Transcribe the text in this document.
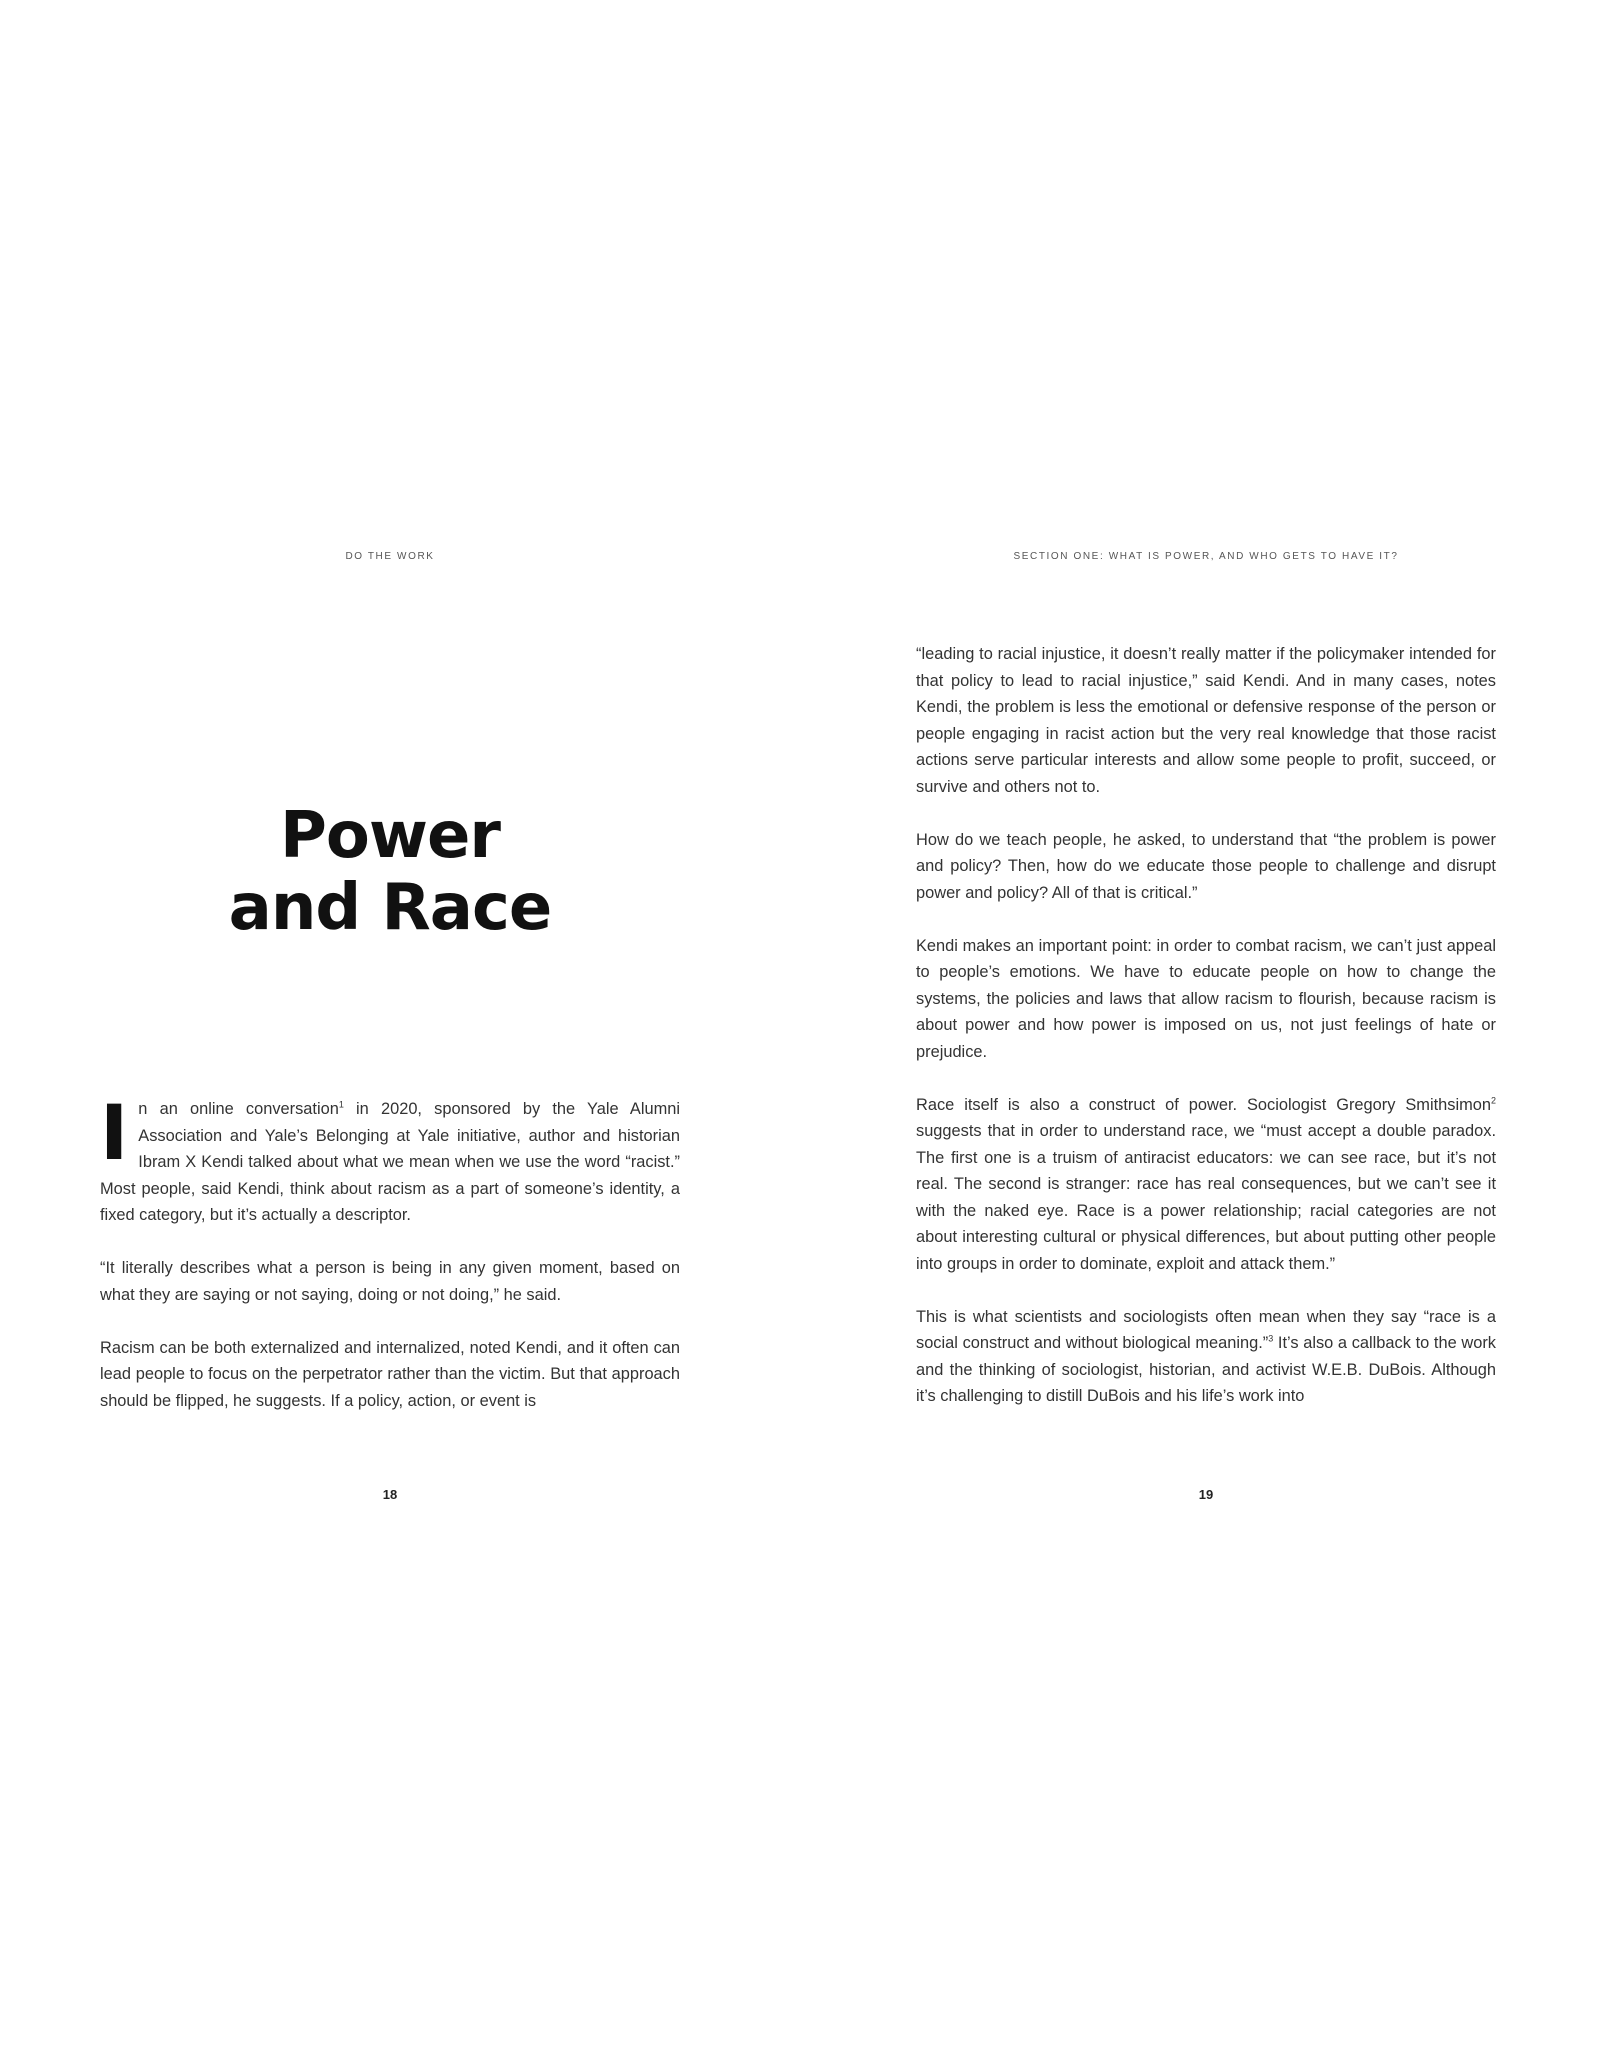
DO THE WORK
Power
and Race

In an online conversation$^1$ in 2020, sponsored by the Yale Alumni Association and Yale’s Belonging at Yale initiative, author and historian Ibram X Kendi talked about what we mean when we use the word “racist.” Most people, said Kendi, think about racism as a part of someone’s identity, a fixed category, but it’s actually a descriptor.

“It literally describes what a person is being in any given moment, based on what they are saying or not saying, doing or not doing,” he said.

Racism can be both externalized and internalized, noted Kendi, and it often can lead people to focus on the perpetrator rather than the victim. But that approach should be flipped, he suggests. If a policy, action, or event is

18
SECTION ONE: WHAT IS POWER, AND WHO GETS TO HAVE IT?

“leading to racial injustice, it doesn’t really matter if the policymaker intended for that policy to lead to racial injustice,” said Kendi. And in many cases, notes Kendi, the problem is less the emotional or defensive response of the person or people engaging in racist action but the very real knowledge that those racist actions serve particular interests and allow some people to profit, succeed, or survive and others not to.

How do we teach people, he asked, to understand that “the problem is power and policy? Then, how do we educate those people to challenge and disrupt power and policy? All of that is critical.”

Kendi makes an important point: in order to combat racism, we can’t just appeal to people’s emotions. We have to educate people on how to change the systems, the policies and laws that allow racism to flourish, because racism is about power and how power is imposed on us, not just feelings of hate or prejudice.

Race itself is also a construct of power. Sociologist Gregory Smithsimon$^2$ suggests that in order to understand race, we “must accept a double paradox. The first one is a truism of antiracist educators: we can see race, but it’s not real. The second is stranger: race has real consequences, but we can’t see it with the naked eye. Race is a power relationship; racial categories are not about interesting cultural or physical differences, but about putting other people into groups in order to dominate, exploit and attack them.”

This is what scientists and sociologists often mean when they say “race is a social construct and without biological meaning.”$^3$ It’s also a callback to the work and the thinking of sociologist, historian, and activist W.E.B. DuBois. Although it’s challenging to distill DuBois and his life’s work into

19
